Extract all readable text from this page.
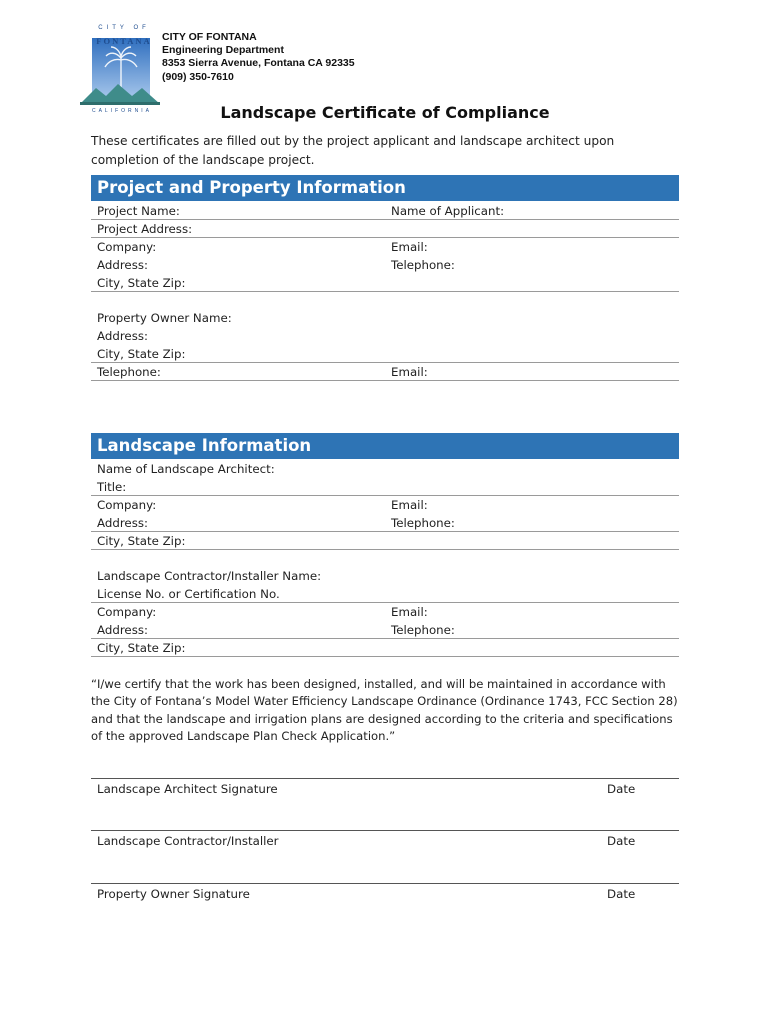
CITY OF
FONTANA
CALIFORNIA
CITY OF FONTANA
Engineering Department
8353 Sierra Avenue, Fontana CA 92335
(909) 350-7610
Landscape Certificate of Compliance
These certificates are filled out by the project applicant and landscape architect upon completion of the landscape project.
Project and Property Information
Project Name:	Name of Applicant:
Project Address:
Company:	Email:
Address:	Telephone:
City, State Zip:
Property Owner Name:
Address:
City, State Zip:
Telephone:	Email:
Landscape Information
Name of Landscape Architect:
Title:
Company:	Email:
Address:	Telephone:
City, State Zip:
Landscape Contractor/Installer Name:
License No. or Certification No.
Company:	Email:
Address:	Telephone:
City, State Zip:
“I/we certify that the work has been designed, installed, and will be maintained in accordance with the City of Fontana’s Model Water Efficiency Landscape Ordinance (Ordinance 1743, FCC Section 28) and that the landscape and irrigation plans are designed according to the criteria and specifications of the approved Landscape Plan Check Application.”
Landscape Architect Signature	Date
Landscape Contractor/Installer	Date
Property Owner Signature	Date
